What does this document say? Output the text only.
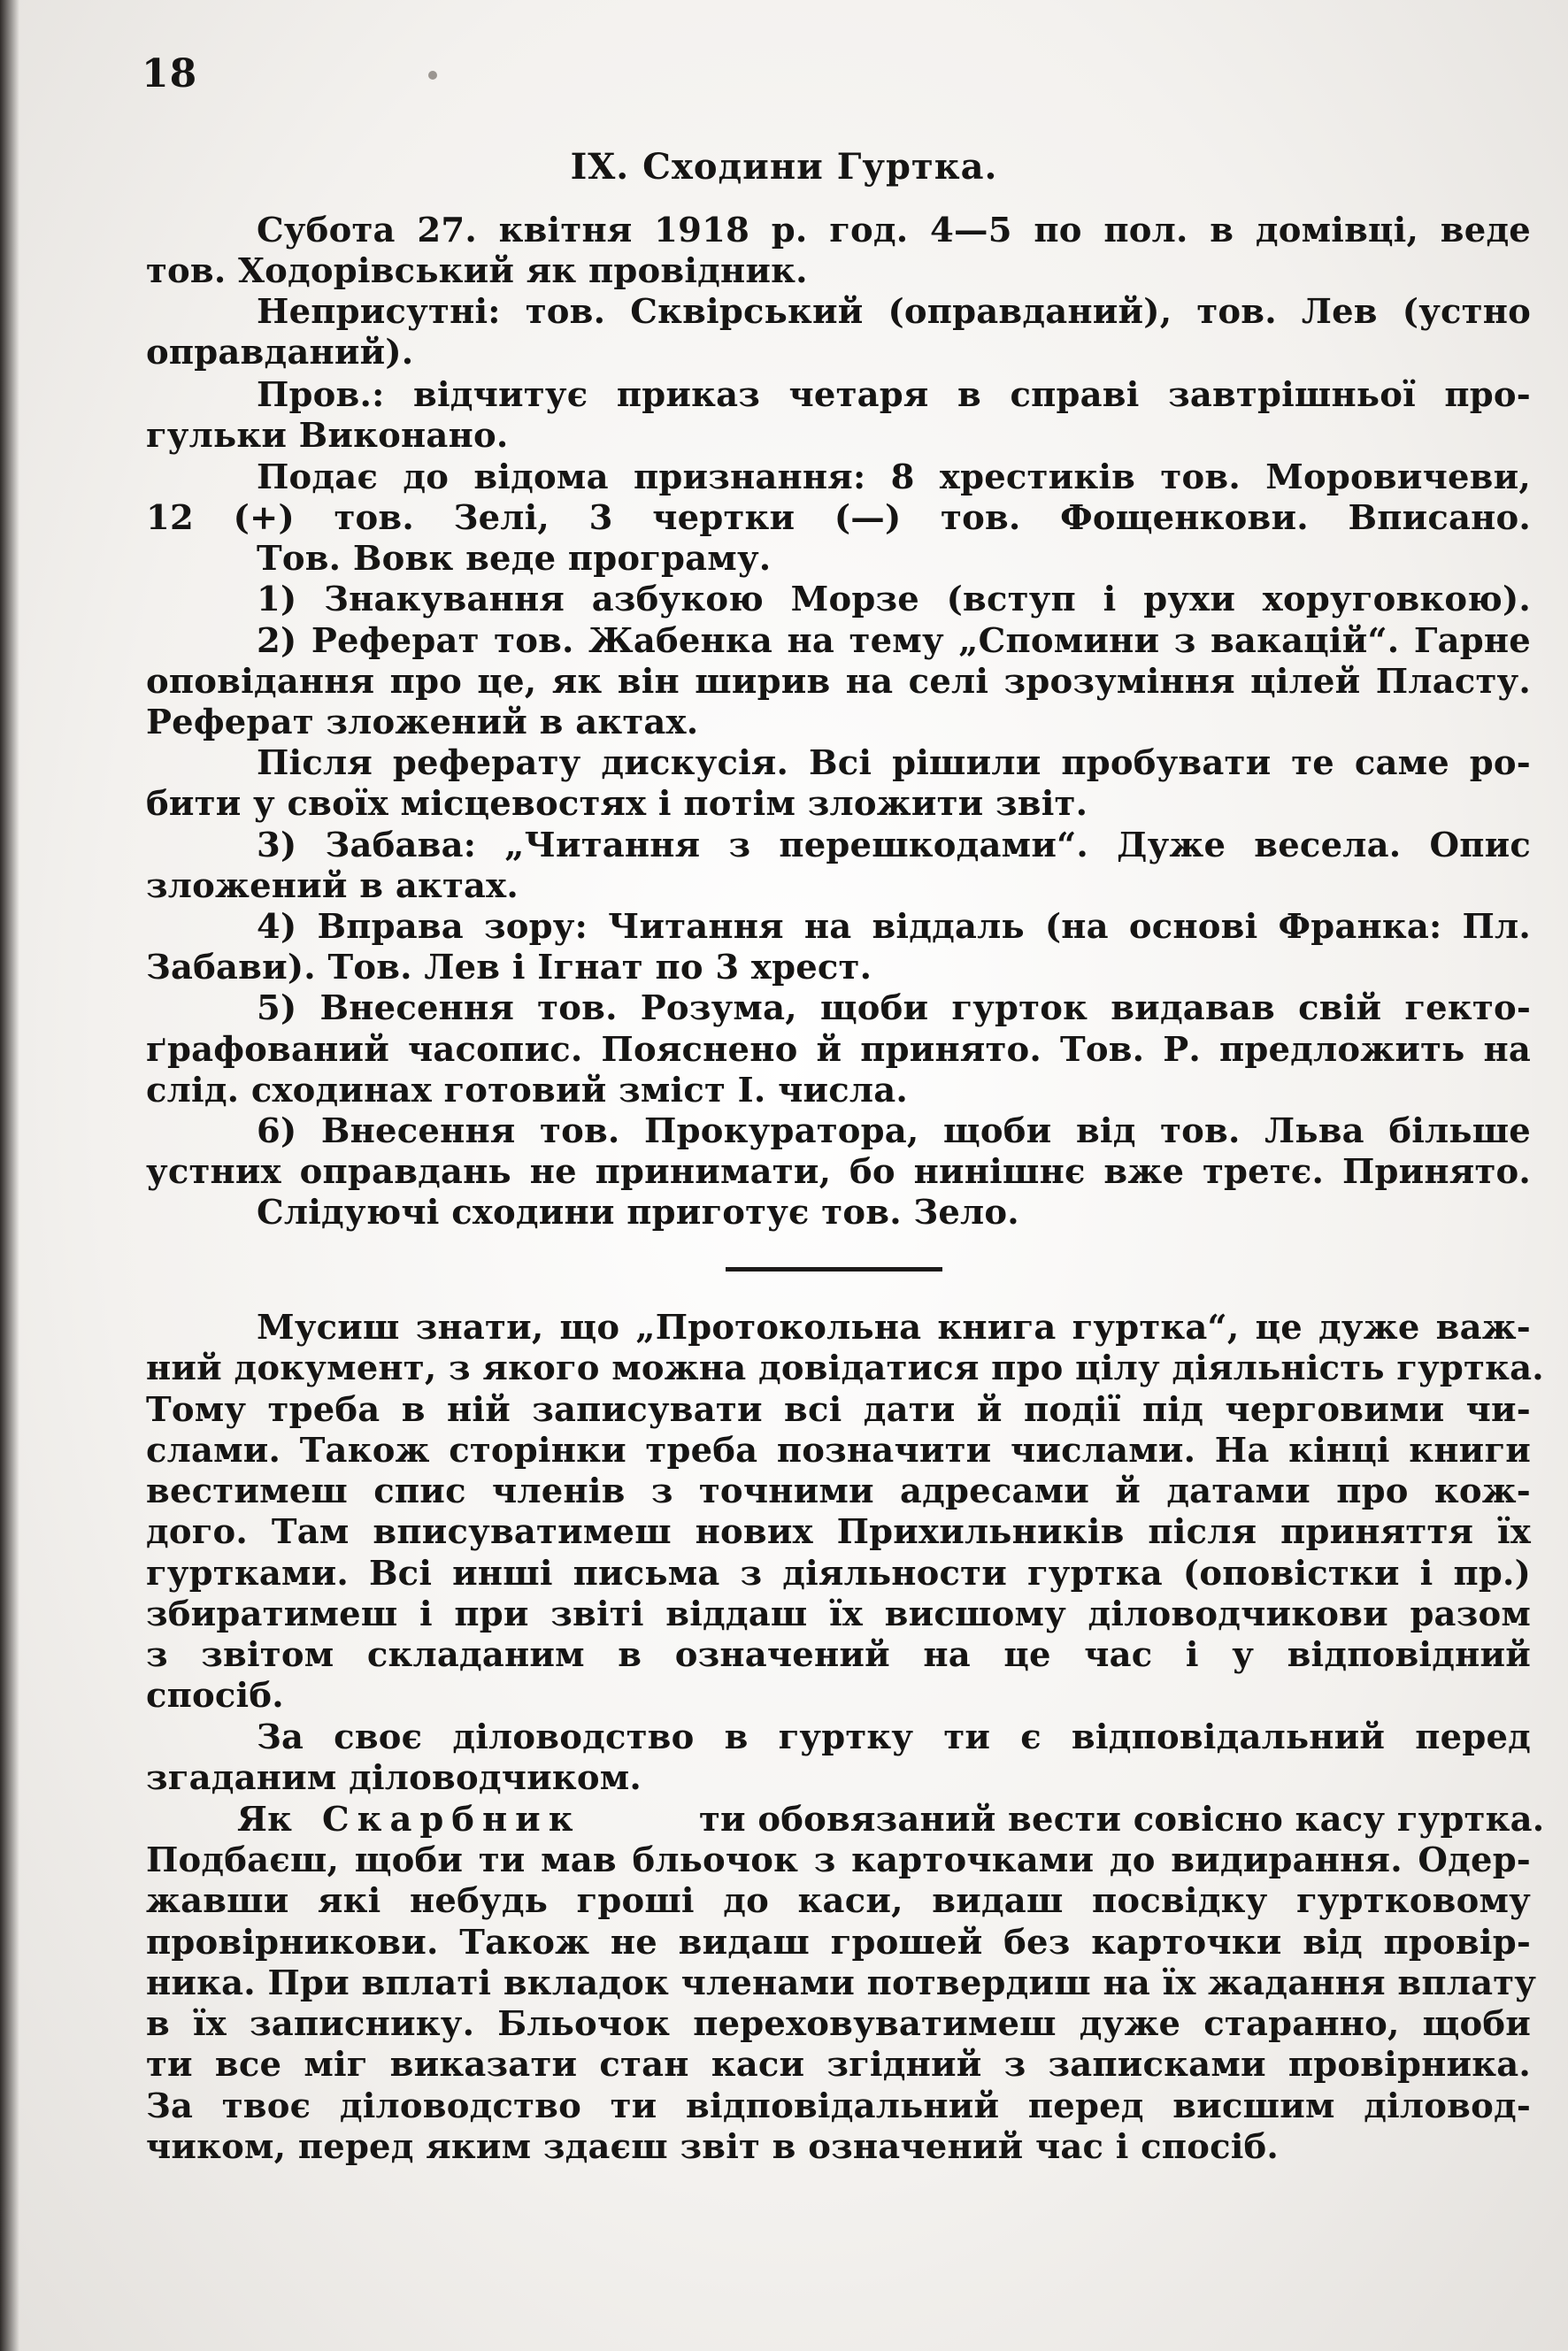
18
IX. Сходини Гуртка.
Субота 27. квітня 1918 р. год. 4—5 по пол. в домівці, веде
тов. Ходорівський як провідник.
Неприсутні: тов. Сквірський (оправданий), тов. Лев (устно
оправданий).
Пров.: відчитує приказ четаря в справі завтрішньої про-
гульки Виконано.
Подає до відома признання: 8 хрестиків тов. Моровичеви,
12 (+) тов. Зелі, 3 чертки (—) тов. Фощенкови. Вписано.
Тов. Вовк веде програму.
1) Знакування азбукою Морзе (вступ і рухи хоруговкою).
2) Реферат тов. Жабенка на тему „Спомини з вакацій“. Гарне
оповідання про це, як він ширив на селі зрозуміння цілей Пласту.
Реферат зложений в актах.
Після реферату дискусія. Всі рішили пробувати те саме ро-
бити у своїх місцевостях і потім зложити звіт.
3) Забава: „Читання з перешкодами“. Дуже весела. Опис
зложений в актах.
4) Вправа зору: Читання на віддаль (на основі Франка: Пл.
Забави). Тов. Лев і Ігнат по 3 хрест.
5) Внесення тов. Розума, щоби гурток видавав свій гекто-
ґрафований часопис. Пояснено й принято. Тов. Р. предложить на
слід. сходинах готовий зміст І. числа.
6) Внесення тов. Прокуратора, щоби від тов. Льва більше
устних оправдань не принимати, бо нинішнє вже третє. Принято.
Слідуючі сходини приготує тов. Зело.
Мусиш знати, що „Протокольна книга гуртка“, це дуже важ-
ний документ, з якого можна довідатися про цілу діяльність гуртка.
Тому треба в ній записувати всі дати й події під черговими чи-
слами. Також сторінки треба позначити числами. На кінці книги
вестимеш спис членів з точними адресами й датами про кож-
дого. Там вписуватимеш нових Прихильників після приняття їх
гуртками. Всі инші письма з діяльности гуртка (оповістки і пр.)
збиратимеш і при звіті віддаш їх висшому діловодчикови разом
з звітом складаним в означений на це час і у відповідний
спосіб.
За своє діловодство в гуртку ти є відповідальний перед
згаданим діловодчиком.
Як Скарбник	ти обовязаний вести совісно касу гуртка.
Подбаєш, щоби ти мав бльочок з карточками до видирання. Одер-
жавши які небудь гроші до каси, видаш посвідку гуртковому
провірникови. Також не видаш грошей без карточки від провір-
ника. При вплаті вкладок членами потвердиш на їх жадання вплату
в їх записнику. Бльочок переховуватимеш дуже старанно, щоби
ти все міг виказати стан каси згідний з записками провірника.
За твоє діловодство ти відповідальний перед висшим діловод-
чиком, перед яким здаєш звіт в означений час і спосіб.
